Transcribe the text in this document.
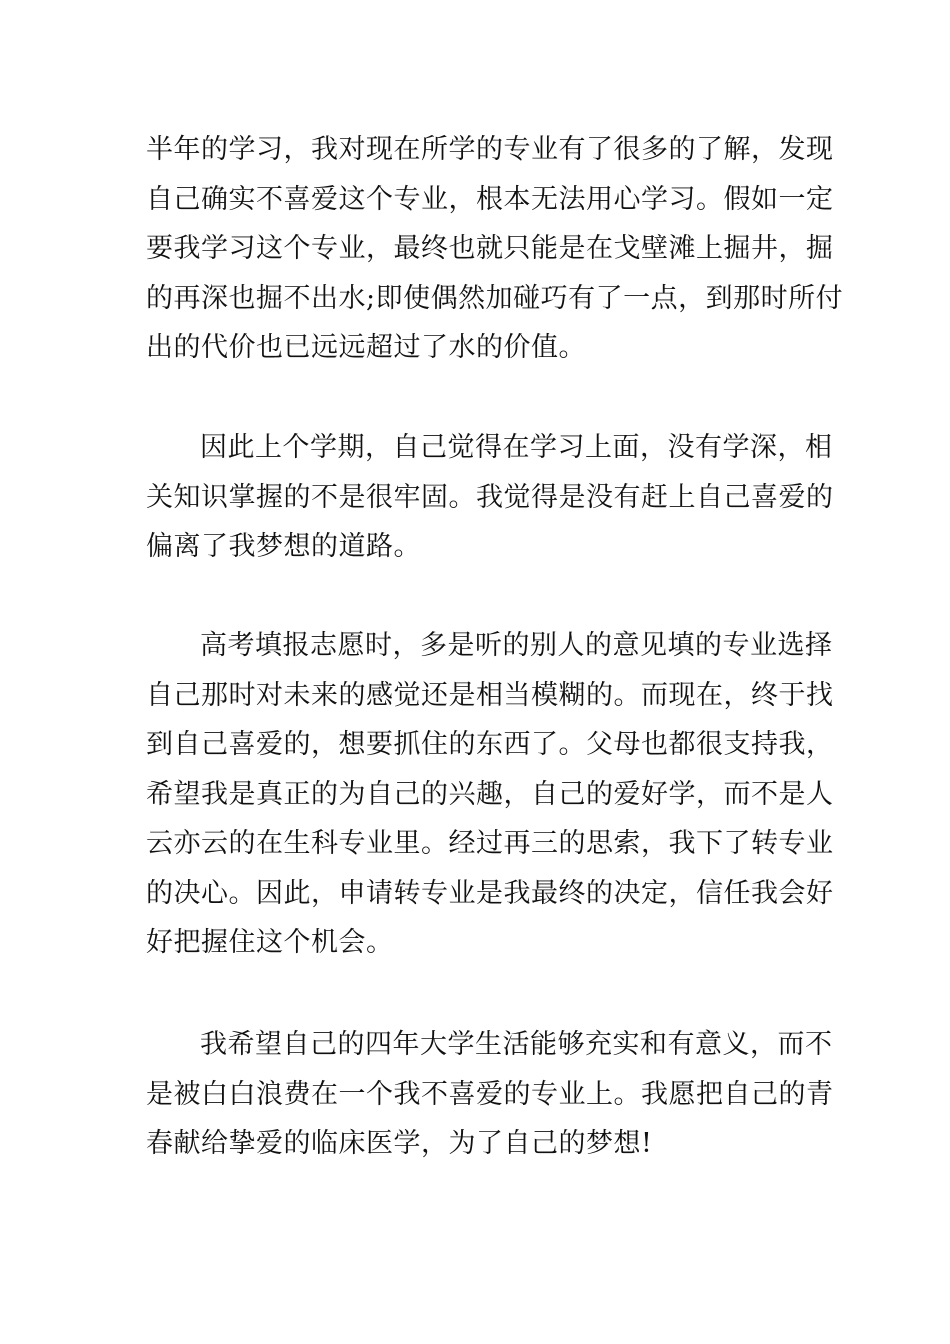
半年的学习，我对现在所学的专业有了很多的了解，发现
自己确实不喜爱这个专业，根本无法用心学习。假如一定
要我学习这个专业，最终也就只能是在戈壁滩上掘井，掘
的再深也掘不出水;即使偶然加碰巧有了一点，到那时所付
出的代价也已远远超过了水的价值。
因此上个学期，自己觉得在学习上面，没有学深，相
关知识掌握的不是很牢固。我觉得是没有赶上自己喜爱的
偏离了我梦想的道路。
高考填报志愿时，多是听的别人的意见填的专业选择
自己那时对未来的感觉还是相当模糊的。而现在，终于找
到自己喜爱的，想要抓住的东西了。父母也都很支持我，
希望我是真正的为自己的兴趣，自己的爱好学，而不是人
云亦云的在生科专业里。经过再三的思索，我下了转专业
的决心。因此，申请转专业是我最终的决定，信任我会好
好把握住这个机会。
我希望自己的四年大学生活能够充实和有意义，而不
是被白白浪费在一个我不喜爱的专业上。我愿把自己的青
春献给挚爱的临床医学，为了自己的梦想!
